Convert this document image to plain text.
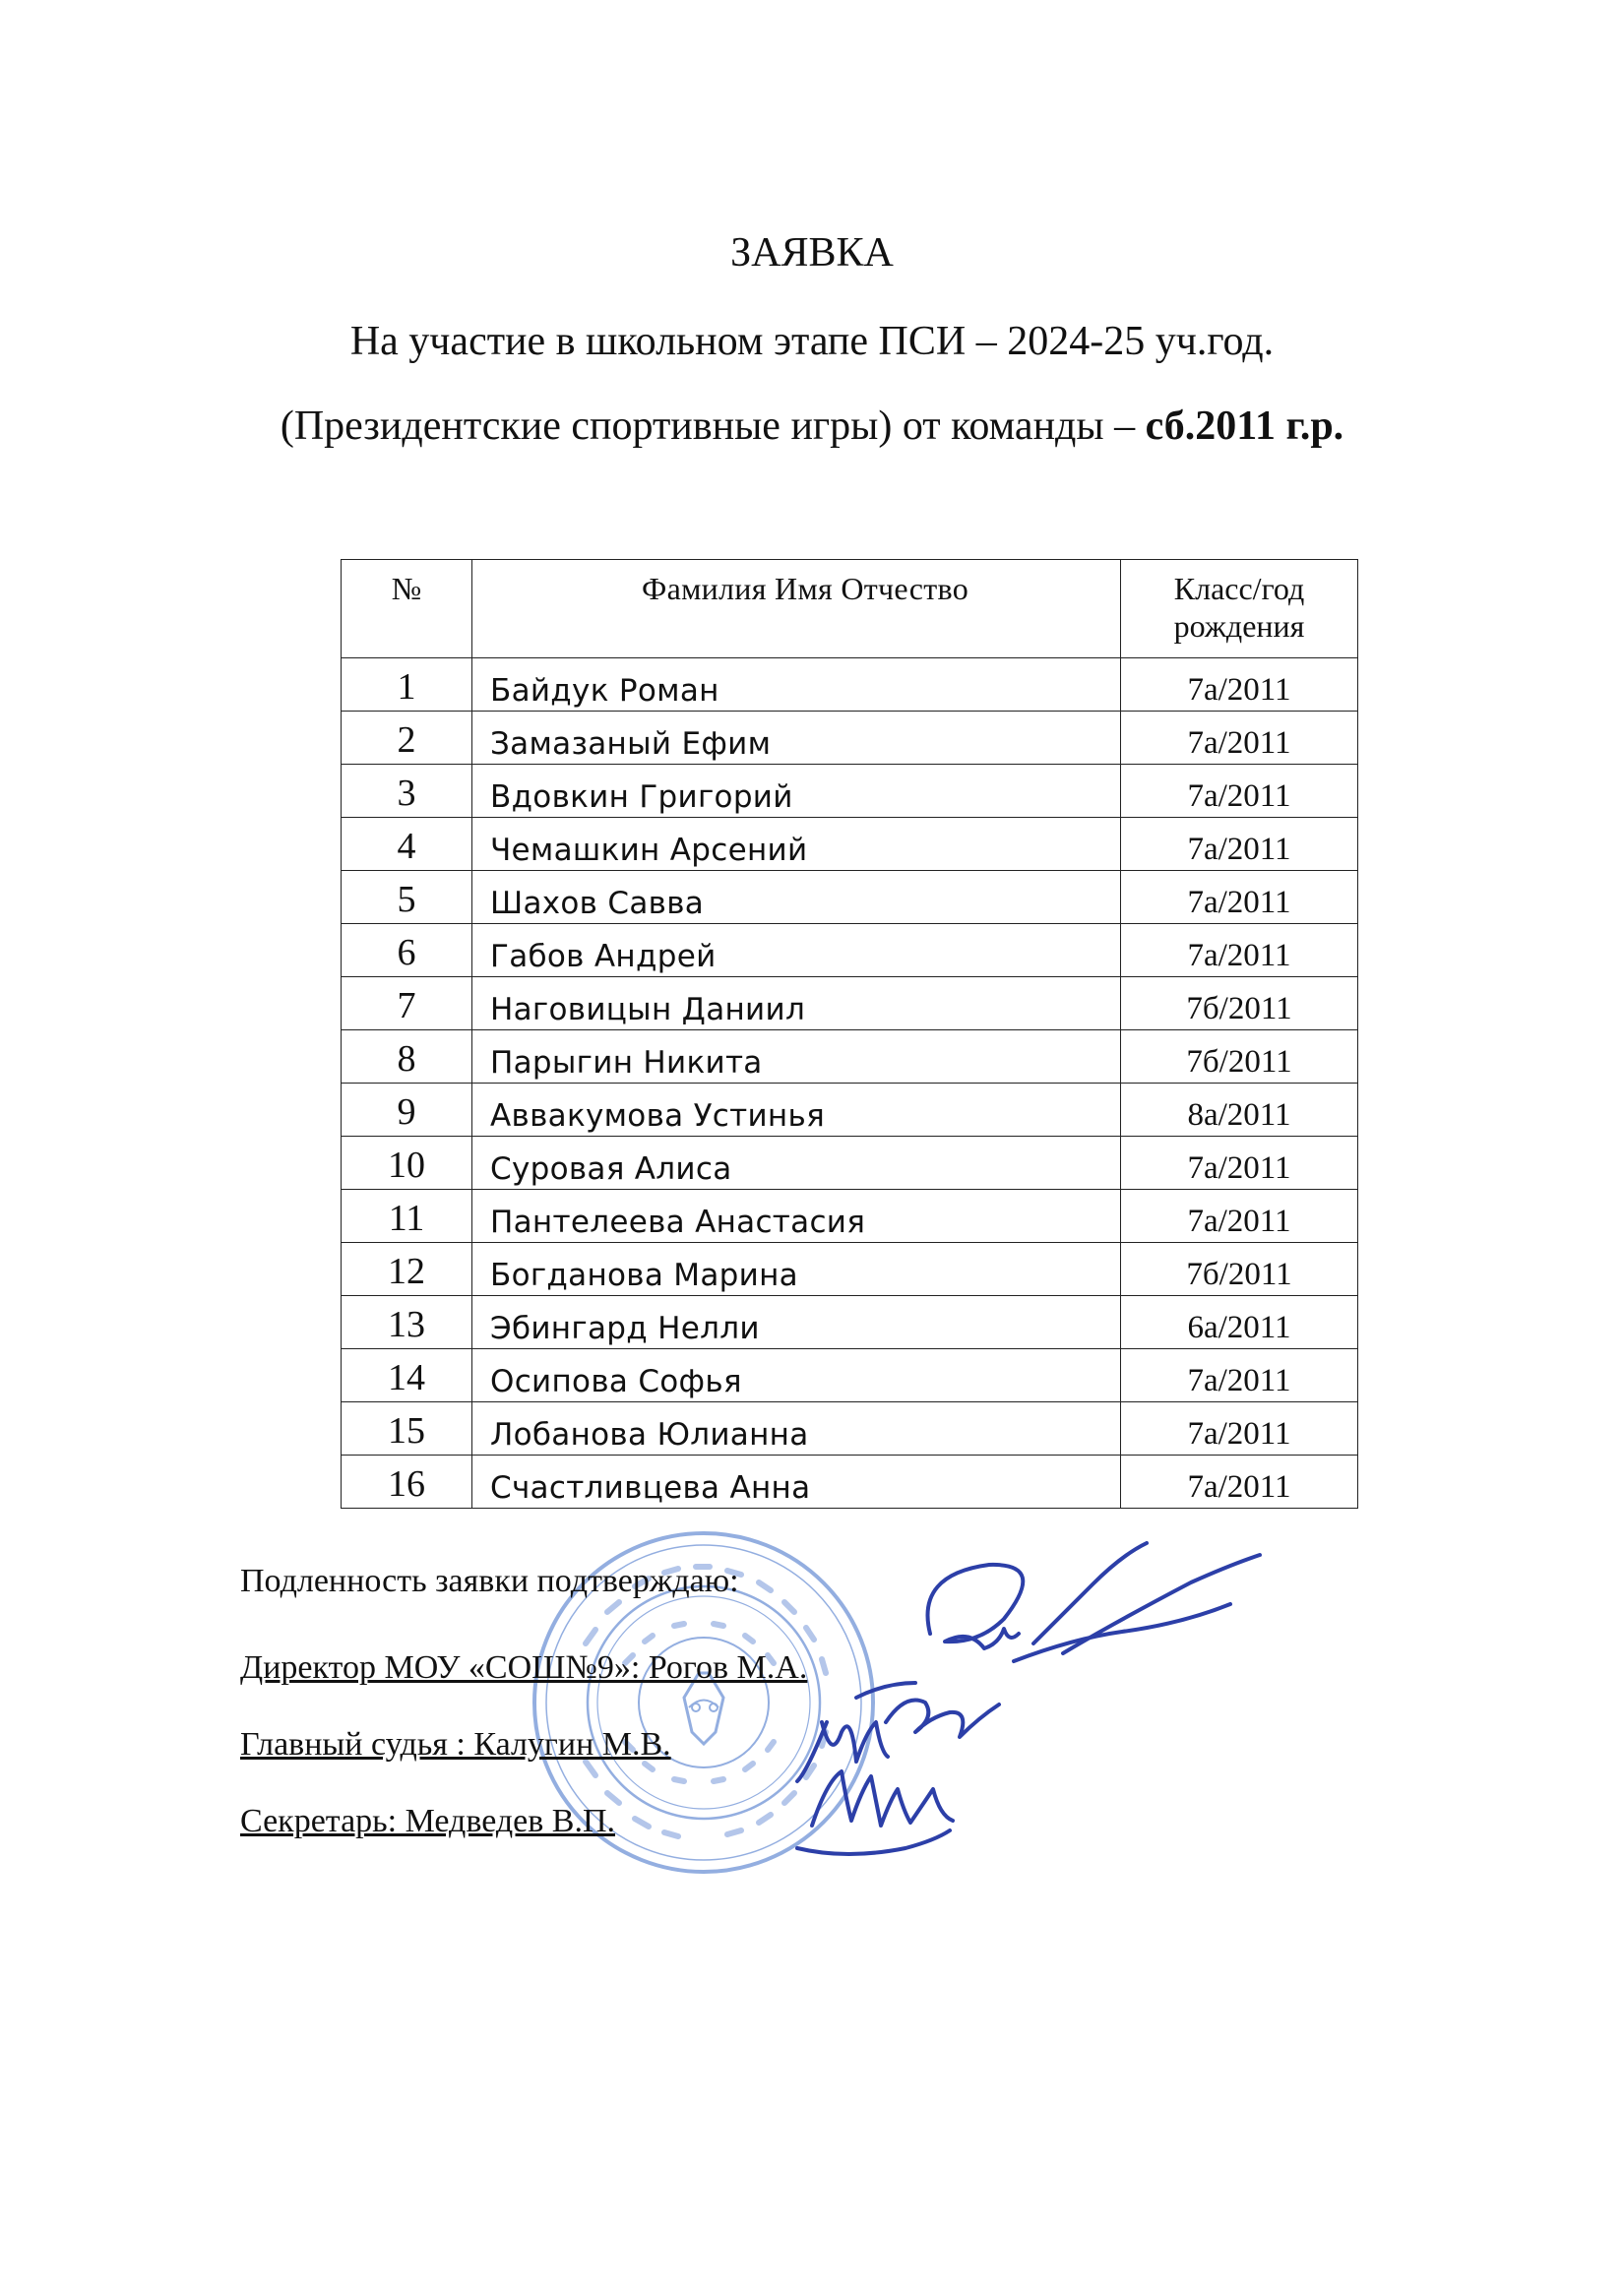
ЗАЯВКА
На участие в школьном этапе ПСИ – 2024-25 уч.год.
(Президентские спортивные игры) от команды – сб.2011 г.р.
№	Фамилия Имя Отчество	Класс/год рождения
1	Байдук Роман	7а/2011
2	Замазаный Ефим	7а/2011
3	Вдовкин Григорий	7а/2011
4	Чемашкин Арсений	7а/2011
5	Шахов Савва	7а/2011
6	Габов Андрей	7а/2011
7	Наговицын Даниил	7б/2011
8	Парыгин Никита	7б/2011
9	Аввакумова Устинья	8а/2011
10	Суровая Алиса	7а/2011
11	Пантелеева Анастасия	7а/2011
12	Богданова Марина	7б/2011
13	Эбингард Нелли	6а/2011
14	Осипова Софья	7а/2011
15	Лобанова Юлианна	7а/2011
16	Счастливцева Анна	7а/2011
Подленность заявки подтверждаю:
Директор МОУ «СОШ№9»: Рогов М.А.
Главный судья : Калугин М.В.
Секретарь: Медведев В.П.
